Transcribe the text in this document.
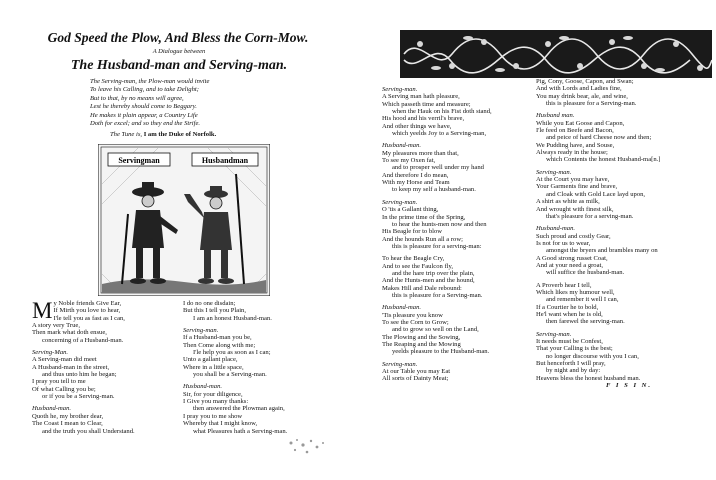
God Speed the Plow, And Bless the Corn-Mow.
A Dialogue between
The Husband-man and Serving-man.
The Serving-man, the Plow-man would invite
To leave his Calling, and to take Delight;
But to that, by no means will agree,
Lest he thereby should come to Beggary.
He makes it plain appear, a Country Life
Doth for excel; and so they end the Strife.
The Tune is, I am the Duke of Norfolk.
Servingman	Husbandman
My Noble friends Give Ear,
If Mirth you love to hear,
I'le tell you as fast as I can,
A story very True,
Then mark what doth ensue,
concerning of a Husband-man.
Serving-Man.
A Serving-man did meet
A Husband-man in the street,
and thus unto him he began;
I pray you tell to me
Of what Calling you be;
or if you be a Serving-man.
Husband-man.
Quoth he, my brother dear,
The Coast I mean to Clear,
and the truth you shall Understand.
I do no one disdain;
But this I tell you Plain,
I am an honest Husband-man.
Serving-man.
If a Husband-man you be,
Then Come along with me;
I'le help you as soon as I can;
Unto a gallant place,
Where in a little space,
you shall be a Serving-man.
Husband-man.
Sir, for your diligence,
I Give you many thanks:
then answered the Plowman again,
I pray you to me show
Whereby that I might know,
what Pleasures hath a Serving-man.
Serving-man.
A Serving man hath pleasure,
Which passeth time and measure;
when the Hauk on his Fist doth stand,
His hood and his verril's brave,
And other things we have,
which yeelds Joy to a Serving-man,
Husband-man.
My pleasures more than that,
To see my Oxen fat,
and to prosper well under my hand
And therefore I do mean,
With my Horse and Team
to keep my self a husband-man.
Serving-man.
O 'tis a Gallant thing,
In the prime time of the Spring,
to hear the hunts-men now and then
His Beagle for to blow
And the hounds Run all a row;
this is pleasure for a serving-man:
To hear the Beagle Cry,
And to see the Faulcon fly,
and the hare trip over the plain,
And the Hunts-men and the hound,
Makes Hill and Dale rebound:
this is pleasure for a Serving-man.
Husband-man.
'Tis pleasure you know
To see the Corn to Grow;
and to grow so well on the Land,
The Plowing and the Sowing,
The Reaping and the Mowing
yeelds pleasure to the Husband-man.
Serving-man.
At our Table you may Eat
All sorts of Dainty Meat;
Pig, Cony, Goose, Capon, and Swan;
And with Lords and Ladies fine,
You may drink bear, ale, and wine,
this is pleasure for a Serving-man.
Husband man.
While you Eat Goose and Capon,
I'le feed on Beefe and Bacon,
and peice of hard Cheese now and then;
We Pudding have, and Souse,
Always ready in the house;
which Contents the honest Husband-ma[n.]
Serving-man.
At the Court you may have,
Your Garments fine and brave,
and Cloak with Gold Lace layd upon,
A shirt as white as milk,
And wrought with finest silk,
that's pleasure for a serving-man.
Husband-man.
Such proud and costly Gear,
Is not for us to wear,
amongst the bryers and brambles many on
A Good strong russet Coat,
And at your need a groat,
will suffice the husband-man.
A Proverb hear I tell,
Which likes my humour well,
and remember it well I can,
If a Courtier he to bold,
He'l want when he is old,
then farewel the serving-man.
Serving-man.
It needs must be Confest,
That your Calling is the best;
no longer discourse with you I can,
But henceforth I will pray,
by night and by day:
Heavens bless the honest husband man.
F I S I N.
